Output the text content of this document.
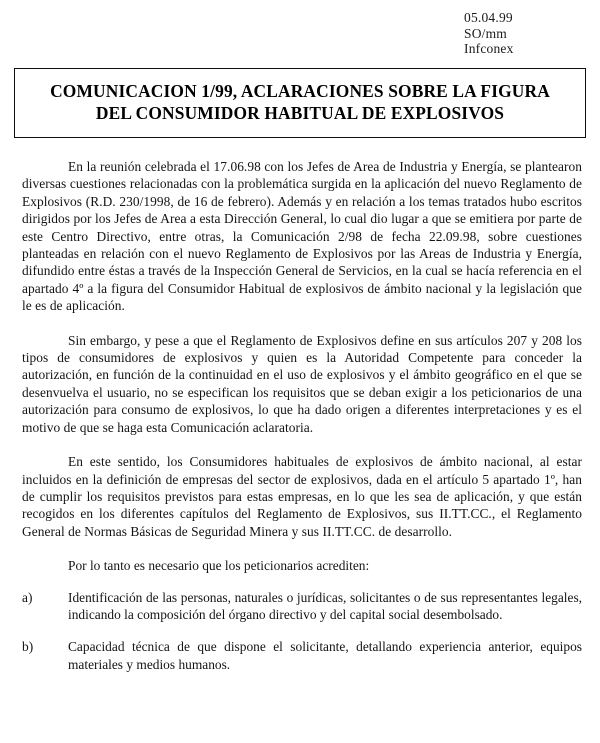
05.04.99
SO/mm
Infconex
COMUNICACION 1/99, ACLARACIONES SOBRE LA FIGURA
DEL CONSUMIDOR HABITUAL DE EXPLOSIVOS

En la reunión celebrada el 17.06.98 con los Jefes de Area de Industria y Energía, se plantearon diversas cuestiones relacionadas con la problemática surgida en la aplicación del nuevo Reglamento de Explosivos (R.D. 230/1998, de 16 de febrero). Además y en relación a los temas tratados hubo escritos dirigidos por los Jefes de Area a esta Dirección General, lo cual dio lugar a que se emitiera por parte de este Centro Directivo, entre otras, la Comunicación 2/98 de fecha 22.09.98, sobre cuestiones planteadas en relación con el nuevo Reglamento de Explosivos por las Areas de Industria y Energía, difundido entre éstas a través de la Inspección General de Servicios, en la cual se hacía referencia en el apartado 4º a la figura del Consumidor Habitual de explosivos de ámbito nacional y la legislación que le es de aplicación.

Sin embargo, y pese a que el Reglamento de Explosivos define en sus artículos 207 y 208 los tipos de consumidores de explosivos y quien es la Autoridad Competente para conceder la autorización, en función de la continuidad en el uso de explosivos y el ámbito geográfico en el que se desenvuelva el usuario, no se especifican los requisitos que se deban exigir a los peticionarios de una autorización para consumo de explosivos, lo que ha dado origen a diferentes interpretaciones y es el motivo de que se haga esta Comunicación aclaratoria.

En este sentido, los Consumidores habituales de explosivos de ámbito nacional, al estar incluidos en la definición de empresas del sector de explosivos, dada en el artículo 5 apartado 1º, han de cumplir los requisitos previstos para estas empresas, en lo que les sea de aplicación, y que están recogidos en los diferentes capítulos del Reglamento de Explosivos, sus II.TT.CC., el Reglamento General de Normas Básicas de Seguridad Minera y sus II.TT.CC. de desarrollo.

Por lo tanto es necesario que los peticionarios acrediten:

a)	Identificación de las personas, naturales o jurídicas, solicitantes o de sus representantes legales, indicando la composición del órgano directivo y del capital social desembolsado.
b)	Capacidad técnica de que dispone el solicitante, detallando experiencia anterior, equipos materiales y medios humanos.
